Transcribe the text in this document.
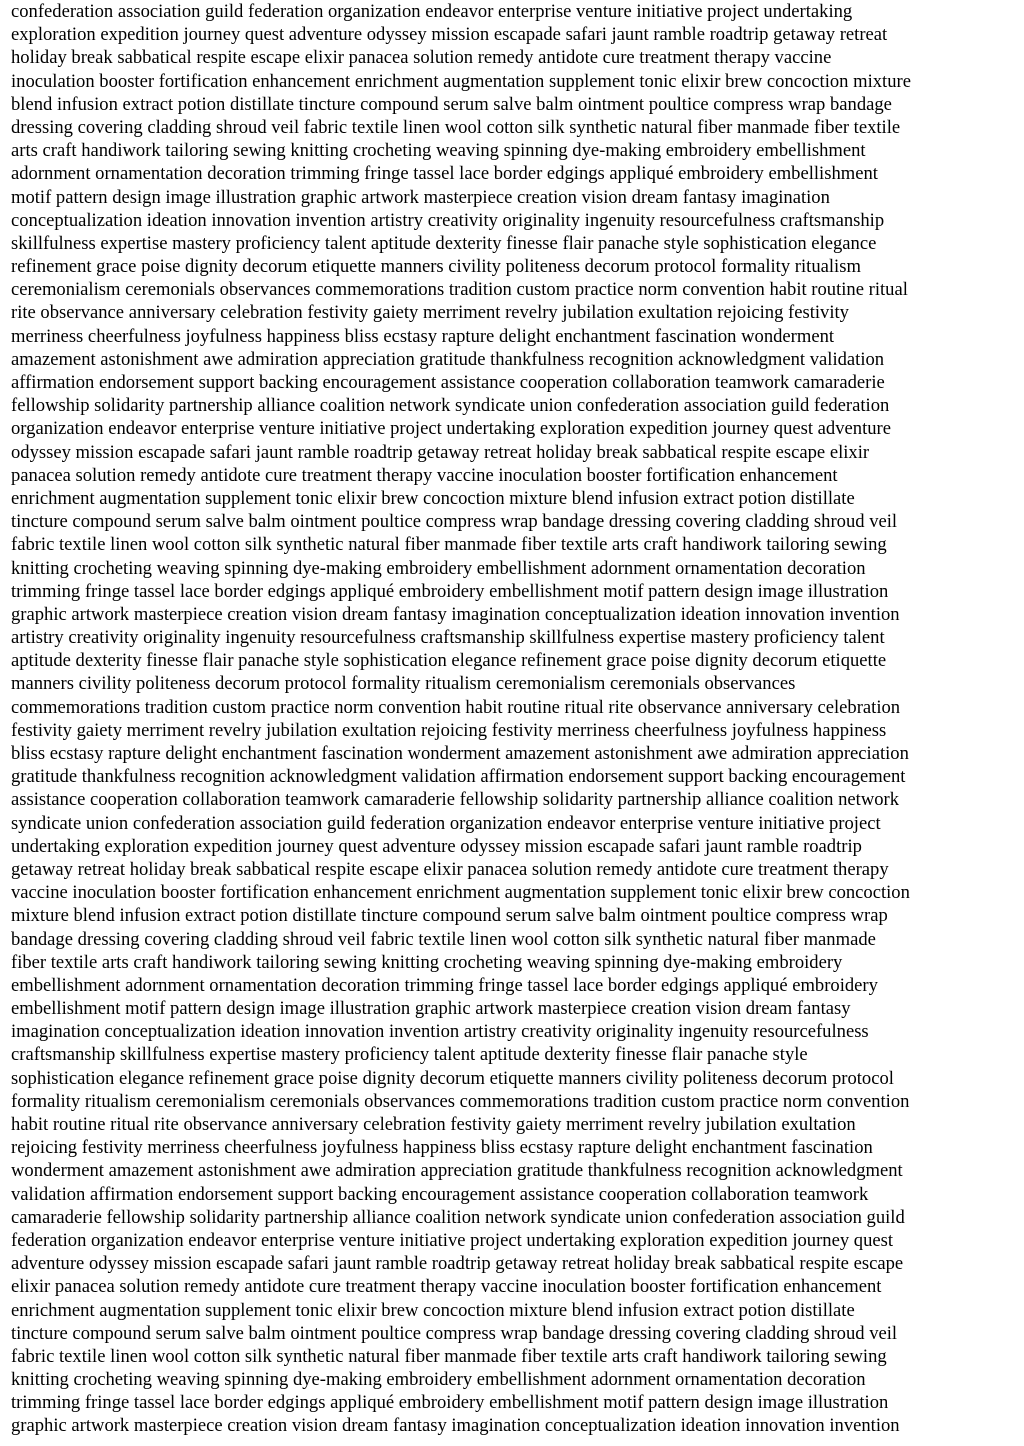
confederation association guild federation organization endeavor enterprise venture initiative project undertaking

exploration expedition journey quest adventure odyssey mission escapade safari jaunt ramble roadtrip getaway retreat

holiday break sabbatical respite escape elixir panacea solution remedy antidote cure treatment therapy vaccine

inoculation booster fortification enhancement enrichment augmentation supplement tonic elixir brew concoction mixture

blend infusion extract potion distillate tincture compound serum salve balm ointment poultice compress wrap bandage

dressing covering cladding shroud veil fabric textile linen wool cotton silk synthetic natural fiber manmade fiber textile

arts craft handiwork tailoring sewing knitting crocheting weaving spinning dye-making embroidery embellishment

adornment ornamentation decoration trimming fringe tassel lace border edgings appliqué embroidery embellishment

motif pattern design image illustration graphic artwork masterpiece creation vision dream fantasy imagination

conceptualization ideation innovation invention artistry creativity originality ingenuity resourcefulness craftsmanship

skillfulness expertise mastery proficiency talent aptitude dexterity finesse flair panache style sophistication elegance

refinement grace poise dignity decorum etiquette manners civility politeness decorum protocol formality ritualism

ceremonialism ceremonials observances commemorations tradition custom practice norm convention habit routine ritual

rite observance anniversary celebration festivity gaiety merriment revelry jubilation exultation rejoicing festivity

merriness cheerfulness joyfulness happiness bliss ecstasy rapture delight enchantment fascination wonderment

amazement astonishment awe admiration appreciation gratitude thankfulness recognition acknowledgment validation

affirmation endorsement support backing encouragement assistance cooperation collaboration teamwork camaraderie

fellowship solidarity partnership alliance coalition network syndicate union confederation association guild federation

organization endeavor enterprise venture initiative project undertaking exploration expedition journey quest adventure

odyssey mission escapade safari jaunt ramble roadtrip getaway retreat holiday break sabbatical respite escape elixir

panacea solution remedy antidote cure treatment therapy vaccine inoculation booster fortification enhancement

enrichment augmentation supplement tonic elixir brew concoction mixture blend infusion extract potion distillate

tincture compound serum salve balm ointment poultice compress wrap bandage dressing covering cladding shroud veil

fabric textile linen wool cotton silk synthetic natural fiber manmade fiber textile arts craft handiwork tailoring sewing

knitting crocheting weaving spinning dye-making embroidery embellishment adornment ornamentation decoration

trimming fringe tassel lace border edgings appliqué embroidery embellishment motif pattern design image illustration

graphic artwork masterpiece creation vision dream fantasy imagination conceptualization ideation innovation invention

artistry creativity originality ingenuity resourcefulness craftsmanship skillfulness expertise mastery proficiency talent

aptitude dexterity finesse flair panache style sophistication elegance refinement grace poise dignity decorum etiquette

manners civility politeness decorum protocol formality ritualism ceremonialism ceremonials observances

commemorations tradition custom practice norm convention habit routine ritual rite observance anniversary celebration

festivity gaiety merriment revelry jubilation exultation rejoicing festivity merriness cheerfulness joyfulness happiness

bliss ecstasy rapture delight enchantment fascination wonderment amazement astonishment awe admiration appreciation

gratitude thankfulness recognition acknowledgment validation affirmation endorsement support backing encouragement

assistance cooperation collaboration teamwork camaraderie fellowship solidarity partnership alliance coalition network

syndicate union confederation association guild federation organization endeavor enterprise venture initiative project

undertaking exploration expedition journey quest adventure odyssey mission escapade safari jaunt ramble roadtrip

getaway retreat holiday break sabbatical respite escape elixir panacea solution remedy antidote cure treatment therapy

vaccine inoculation booster fortification enhancement enrichment augmentation supplement tonic elixir brew concoction

mixture blend infusion extract potion distillate tincture compound serum salve balm ointment poultice compress wrap

bandage dressing covering cladding shroud veil fabric textile linen wool cotton silk synthetic natural fiber manmade

fiber textile arts craft handiwork tailoring sewing knitting crocheting weaving spinning dye-making embroidery

embellishment adornment ornamentation decoration trimming fringe tassel lace border edgings appliqué embroidery

embellishment motif pattern design image illustration graphic artwork masterpiece creation vision dream fantasy

imagination conceptualization ideation innovation invention artistry creativity originality ingenuity resourcefulness

craftsmanship skillfulness expertise mastery proficiency talent aptitude dexterity finesse flair panache style

sophistication elegance refinement grace poise dignity decorum etiquette manners civility politeness decorum protocol

formality ritualism ceremonialism ceremonials observances commemorations tradition custom practice norm convention

habit routine ritual rite observance anniversary celebration festivity gaiety merriment revelry jubilation exultation

rejoicing festivity merriness cheerfulness joyfulness happiness bliss ecstasy rapture delight enchantment fascination

wonderment amazement astonishment awe admiration appreciation gratitude thankfulness recognition acknowledgment

validation affirmation endorsement support backing encouragement assistance cooperation collaboration teamwork

camaraderie fellowship solidarity partnership alliance coalition network syndicate union confederation association guild

federation organization endeavor enterprise venture initiative project undertaking exploration expedition journey quest

adventure odyssey mission escapade safari jaunt ramble roadtrip getaway retreat holiday break sabbatical respite escape

elixir panacea solution remedy antidote cure treatment therapy vaccine inoculation booster fortification enhancement

enrichment augmentation supplement tonic elixir brew concoction mixture blend infusion extract potion distillate

tincture compound serum salve balm ointment poultice compress wrap bandage dressing covering cladding shroud veil

fabric textile linen wool cotton silk synthetic natural fiber manmade fiber textile arts craft handiwork tailoring sewing

knitting crocheting weaving spinning dye-making embroidery embellishment adornment ornamentation decoration

trimming fringe tassel lace border edgings appliqué embroidery embellishment motif pattern design image illustration

graphic artwork masterpiece creation vision dream fantasy imagination conceptualization ideation innovation invention
